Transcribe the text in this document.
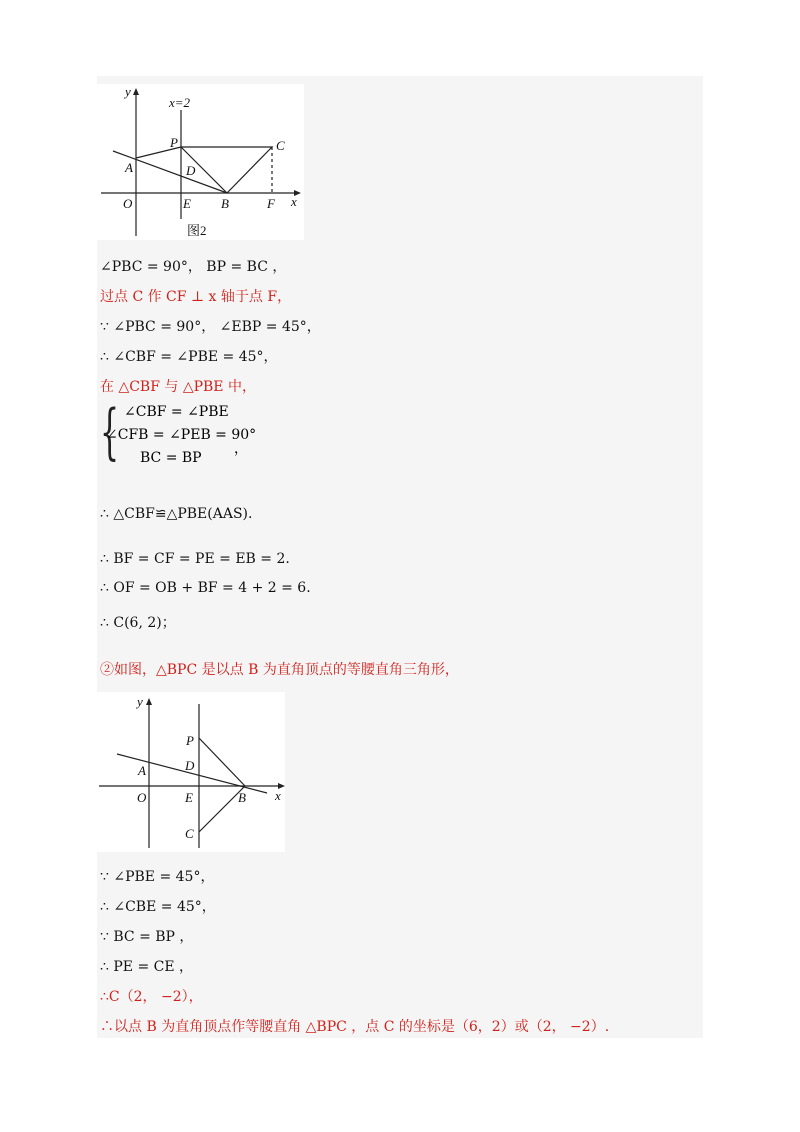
x
y
x=2
O
A
P
D
E B
C
F
图2
∠PBC = 90°， BP = BC ，
过点 C 作 CF ⊥ x 轴于点 F，
∵ ∠PBC = 90°， ∠EBP = 45°，
∴ ∠CBF = ∠PBE = 45°，
在 △CBF 与 △PBE 中，
{ ∠CBF = ∠PBE
∠CFB = ∠PEB = 90°
BC = BP
，
∴ △CBF≌△PBE(AAS).
∴ BF = CF = PE = EB = 2.
∴ OF = OB + BF = 4 + 2 = 6.
∴ C(6, 2)；
②如图，△BPC 是以点 B 为直角顶点的等腰直角三角形，
x
y
O
A
P
D
E	B
C
∵ ∠PBE = 45°，
∴ ∠CBE = 45°，
∵ BC = BP ，
∴ PE = CE ，
∴C（2， −2），
∴以点 B 为直角顶点作等腰直角 △BPC ，点 C 的坐标是（6，2）或（2， −2）.
